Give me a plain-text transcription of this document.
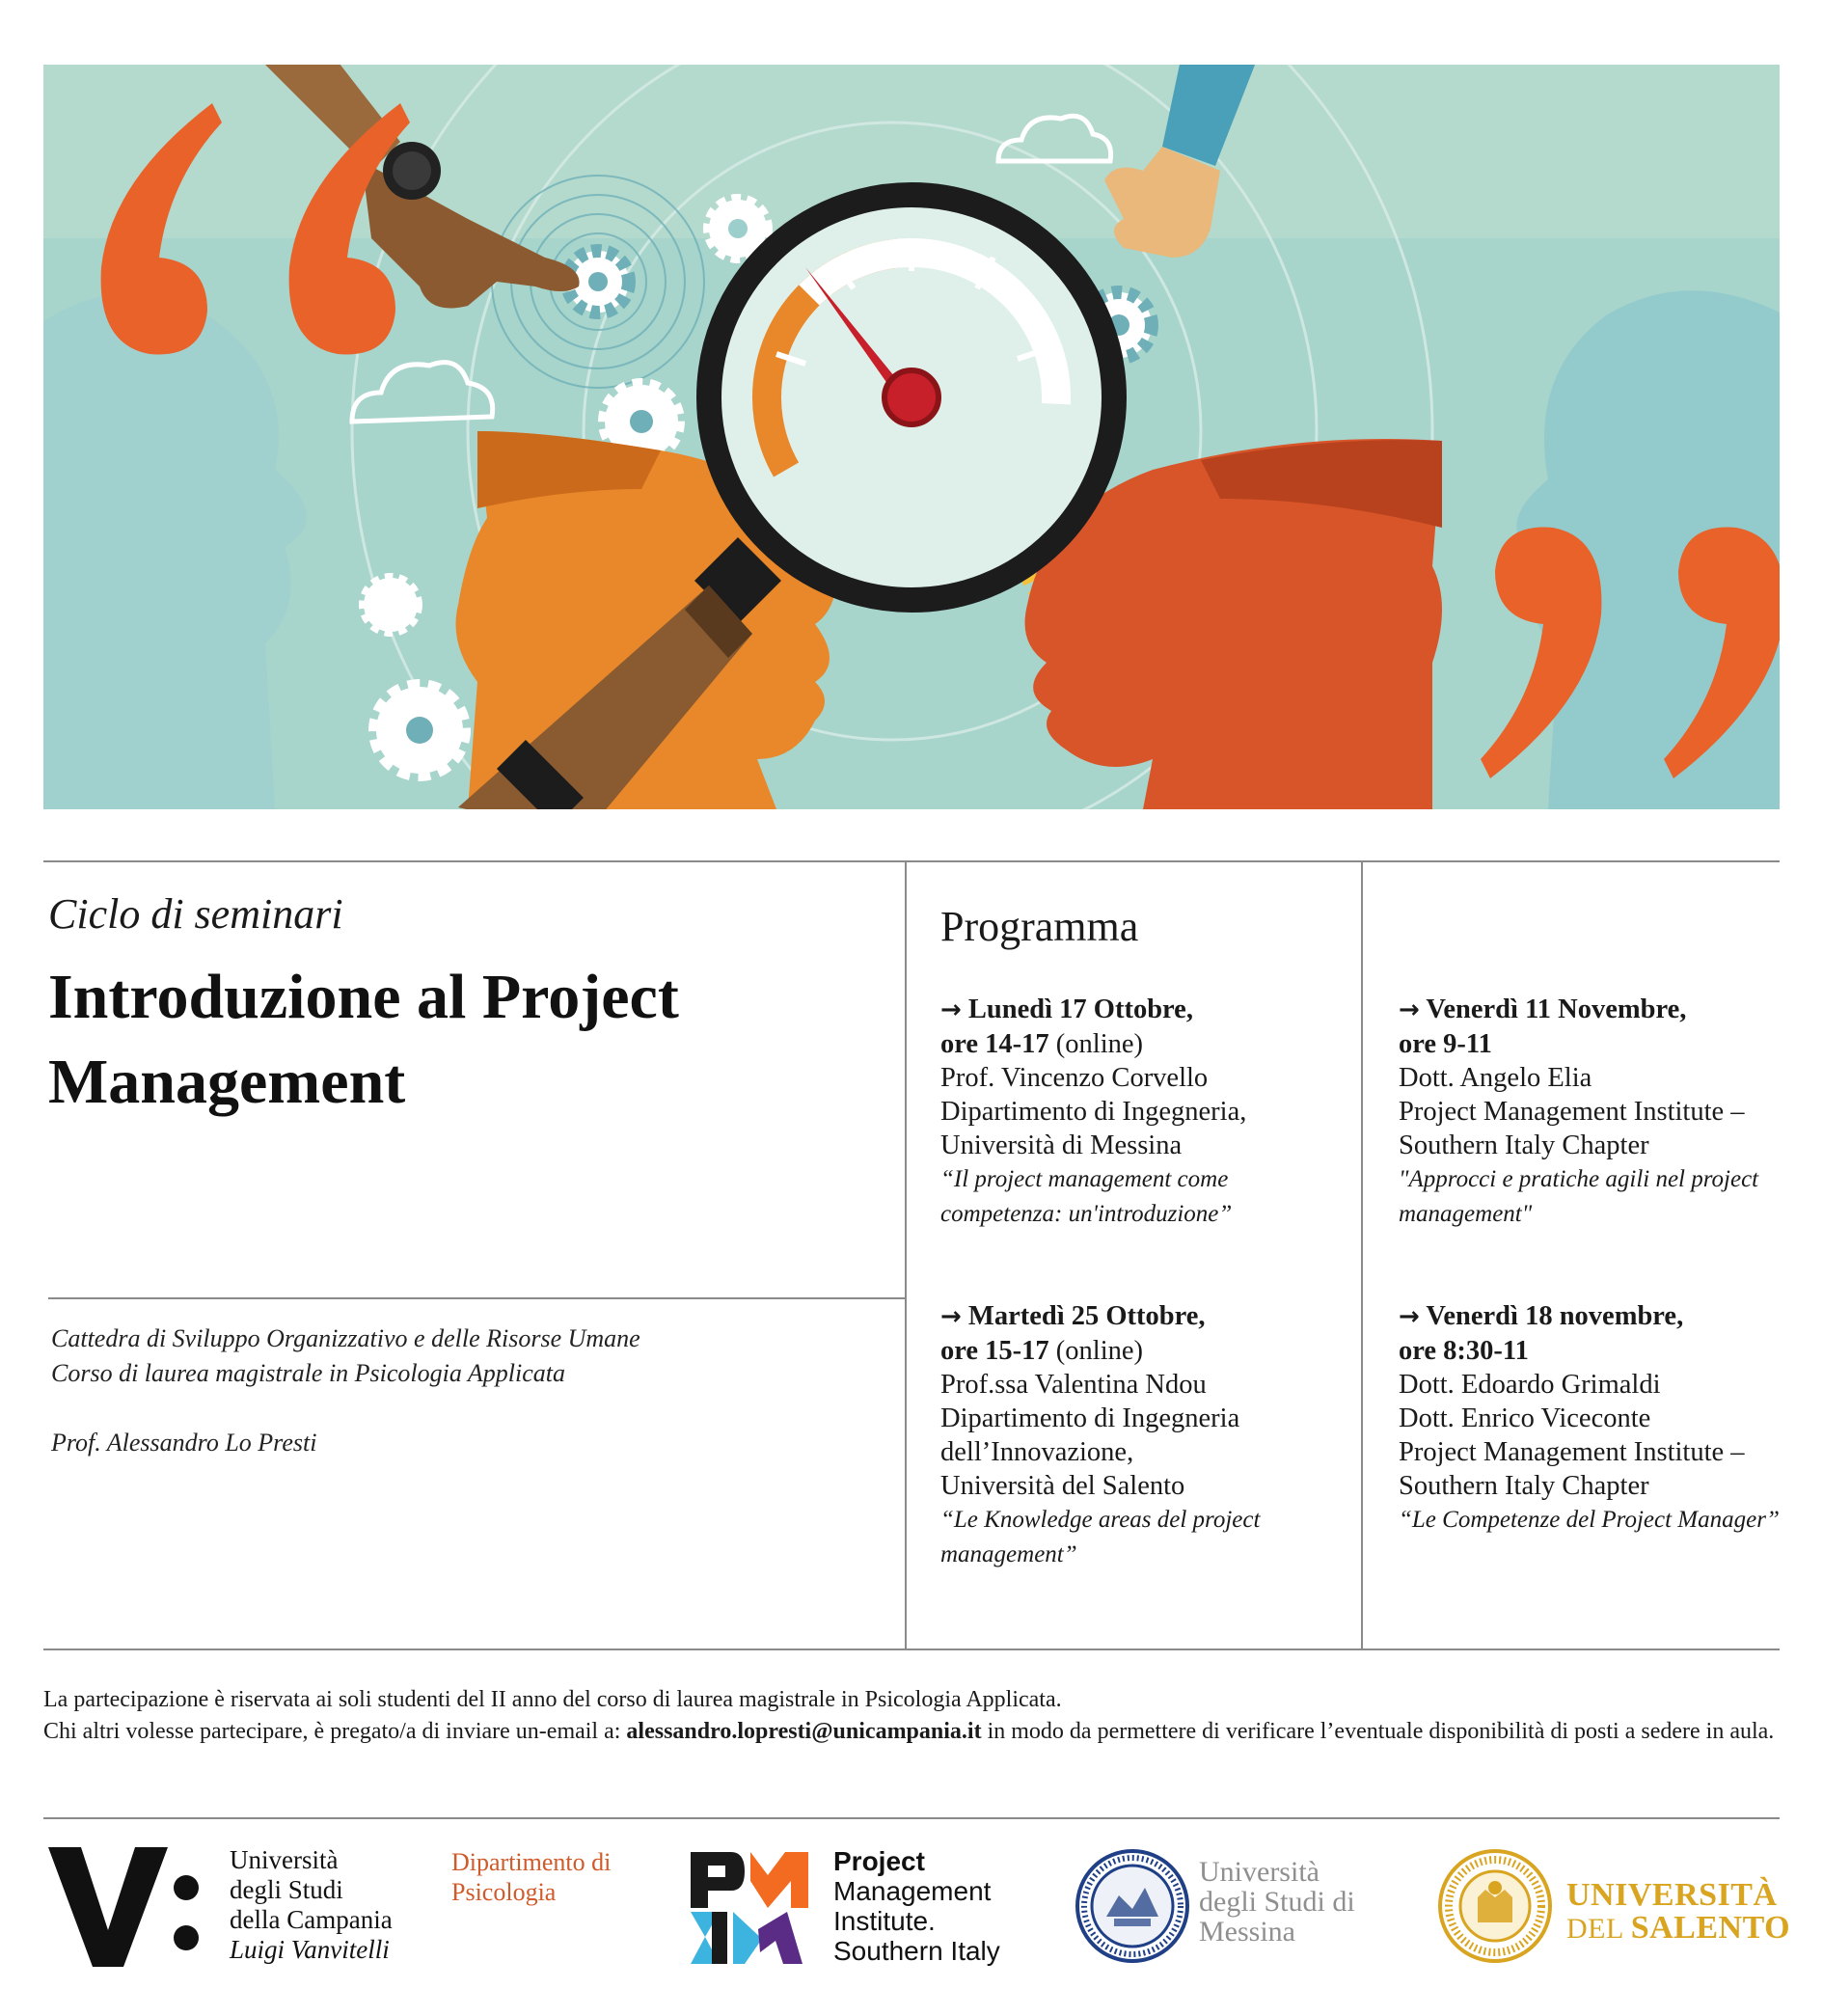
Ciclo di seminari
Introduzione al Project Management
Cattedra di Sviluppo Organizzativo e delle Risorse Umane
Corso di laurea magistrale in Psicologia Applicata
Prof. Alessandro Lo Presti
Programma
→ Lunedì 17 Ottobre,
ore 14-17 (online)
Prof. Vincenzo Corvello
Dipartimento di Ingegneria,
Università di Messina
“Il project management come
competenza: un'introduzione”
→ Martedì 25 Ottobre,
ore 15-17 (online)
Prof.ssa Valentina Ndou
Dipartimento di Ingegneria
dell’Innovazione,
Università del Salento
“Le Knowledge areas del project
management”
→ Venerdì 11 Novembre,
ore 9-11
Dott. Angelo Elia
Project Management Institute –
Southern Italy Chapter
"Approcci e pratiche agili nel project
management"
→ Venerdì 18 novembre,
ore 8:30-11
Dott. Edoardo Grimaldi
Dott. Enrico Viceconte
Project Management Institute –
Southern Italy Chapter
“Le Competenze del Project Manager”
La partecipazione è riservata ai soli studenti del II anno del corso di laurea magistrale in Psicologia Applicata.
Chi altri volesse partecipare, è pregato/a di inviare un-email a: alessandro.lopresti@unicampania.it in modo da permettere di verificare l’eventuale disponibilità di posti a sedere in aula.
Università
degli Studi
della Campania
Luigi Vanvitelli
Dipartimento di
Psicologia
Project
Management
Institute.
Southern Italy
Università
degli Studi di
Messina
UNIVERSITÀ
DEL SALENTO
